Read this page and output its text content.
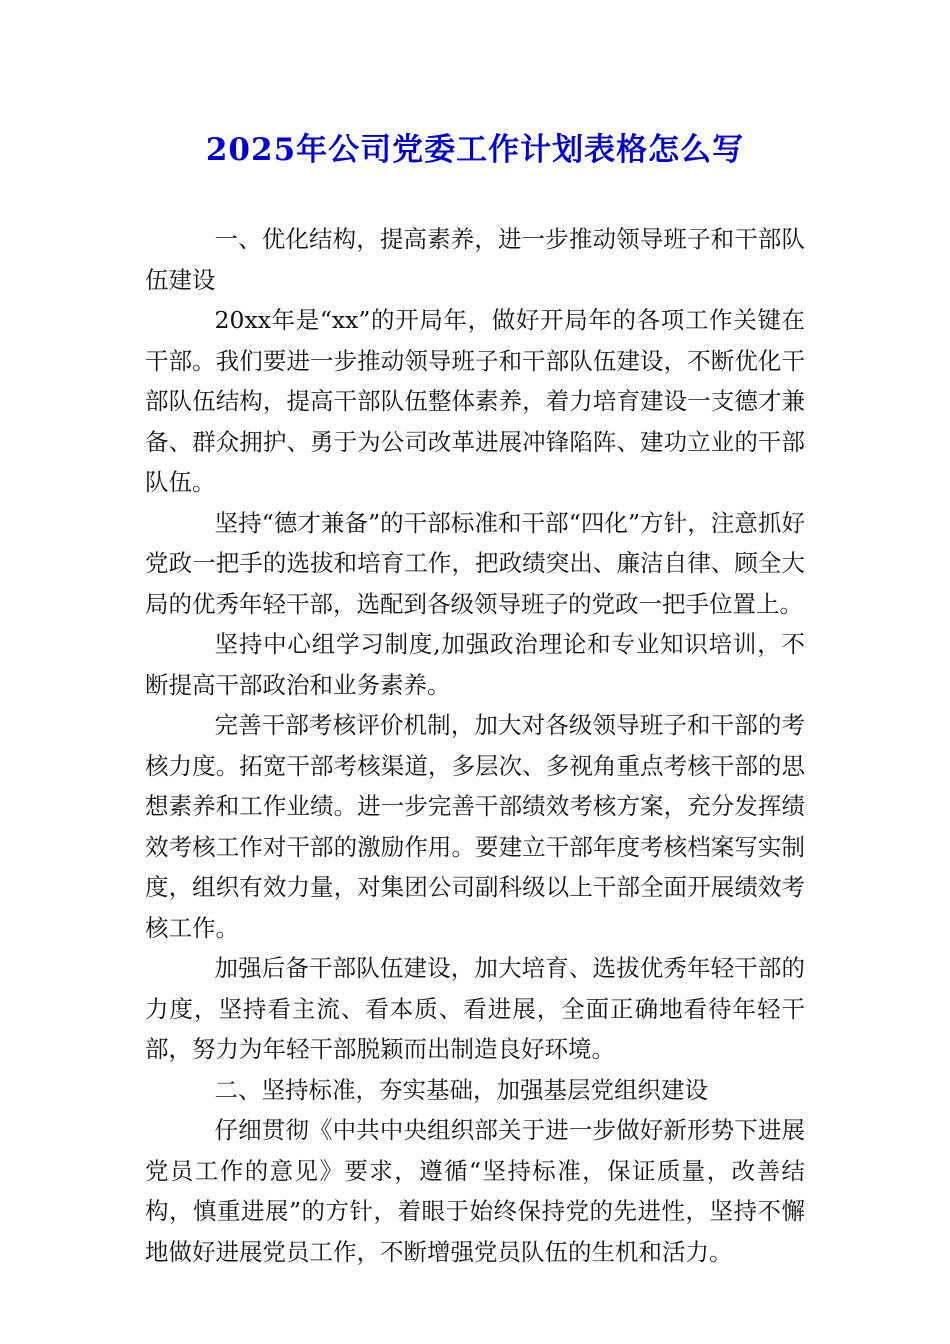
2025年公司党委工作计划表格怎么写

一、优化结构，提高素养，进一步推动领导班子和干部队伍建设

20xx年是“xx”的开局年，做好开局年的各项工作关键在干部。我们要进一步推动领导班子和干部队伍建设，不断优化干部队伍结构，提高干部队伍整体素养，着力培育建设一支德才兼备、群众拥护、勇于为公司改革进展冲锋陷阵、建功立业的干部队伍。

坚持“德才兼备”的干部标准和干部“四化”方针，注意抓好党政一把手的选拔和培育工作，把政绩突出、廉洁自律、顾全大局的优秀年轻干部，选配到各级领导班子的党政一把手位置上。

坚持中心组学习制度,加强政治理论和专业知识培训，不断提高干部政治和业务素养。

完善干部考核评价机制，加大对各级领导班子和干部的考核力度。拓宽干部考核渠道，多层次、多视角重点考核干部的思想素养和工作业绩。进一步完善干部绩效考核方案，充分发挥绩效考核工作对干部的激励作用。要建立干部年度考核档案写实制度，组织有效力量，对集团公司副科级以上干部全面开展绩效考核工作。

加强后备干部队伍建设，加大培育、选拔优秀年轻干部的力度，坚持看主流、看本质、看进展，全面正确地看待年轻干部，努力为年轻干部脱颖而出制造良好环境。

二、坚持标准，夯实基础，加强基层党组织建设

仔细贯彻《中共中央组织部关于进一步做好新形势下进展党员工作的意见》要求，遵循“坚持标准，保证质量，改善结构，慎重进展”的方针，着眼于始终保持党的先进性，坚持不懈地做好进展党员工作，不断增强党员队伍的生机和活力。
